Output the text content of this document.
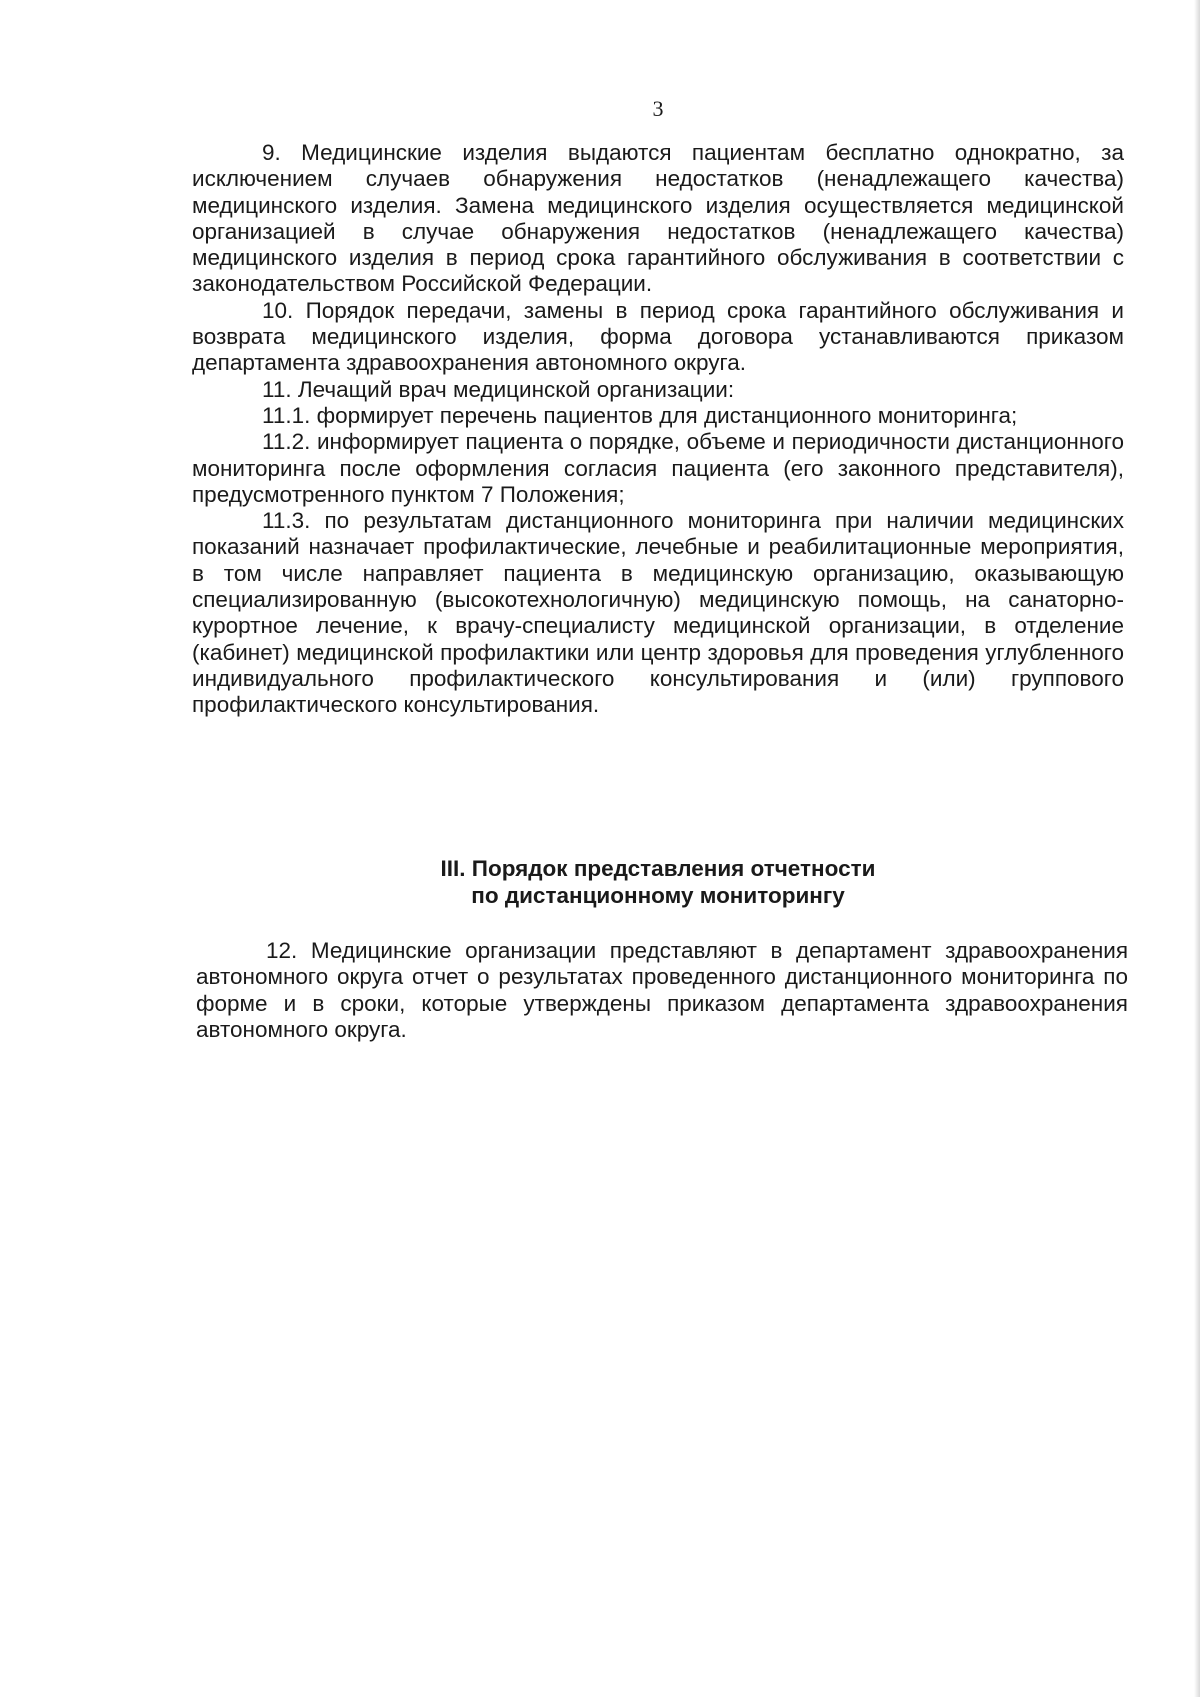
3

9. Медицинские изделия выдаются пациентам бесплатно однократно, за исключением случаев обнаружения недостатков (ненадлежащего качества) медицинского изделия. Замена медицинского изделия осуществляется медицинской организацией в случае обнаружения недостатков (ненадлежащего качества) медицинского изделия в период срока гарантийного обслуживания в соответствии с законодательством Российской Федерации.

10. Порядок передачи, замены в период срока гарантийного обслуживания и возврата медицинского изделия, форма договора устанавливаются приказом департамента здравоохранения автономного округа.

11. Лечащий врач медицинской организации:

11.1. формирует перечень пациентов для дистанционного мониторинга;

11.2. информирует пациента о порядке, объеме и периодичности дистанционного мониторинга после оформления согласия пациента (его законного представителя), предусмотренного пунктом 7 Положения;

11.3. по результатам дистанционного мониторинга при наличии медицинских показаний назначает профилактические, лечебные и реабилитационные мероприятия, в том числе направляет пациента в медицинскую организацию, оказывающую специализированную (высокотехнологичную) медицинскую помощь, на санаторно-курортное лечение, к врачу-специалисту медицинской организации, в отделение (кабинет) медицинской профилактики или центр здоровья для проведения углубленного индивидуального профилактического консультирования и (или) группового профилактического консультирования.

III. Порядок представления отчетности
по дистанционному мониторингу

12. Медицинские организации представляют в департамент здравоохранения автономного округа отчет о результатах проведенного дистанционного мониторинга по форме и в сроки, которые утверждены приказом департамента здравоохранения автономного округа.
